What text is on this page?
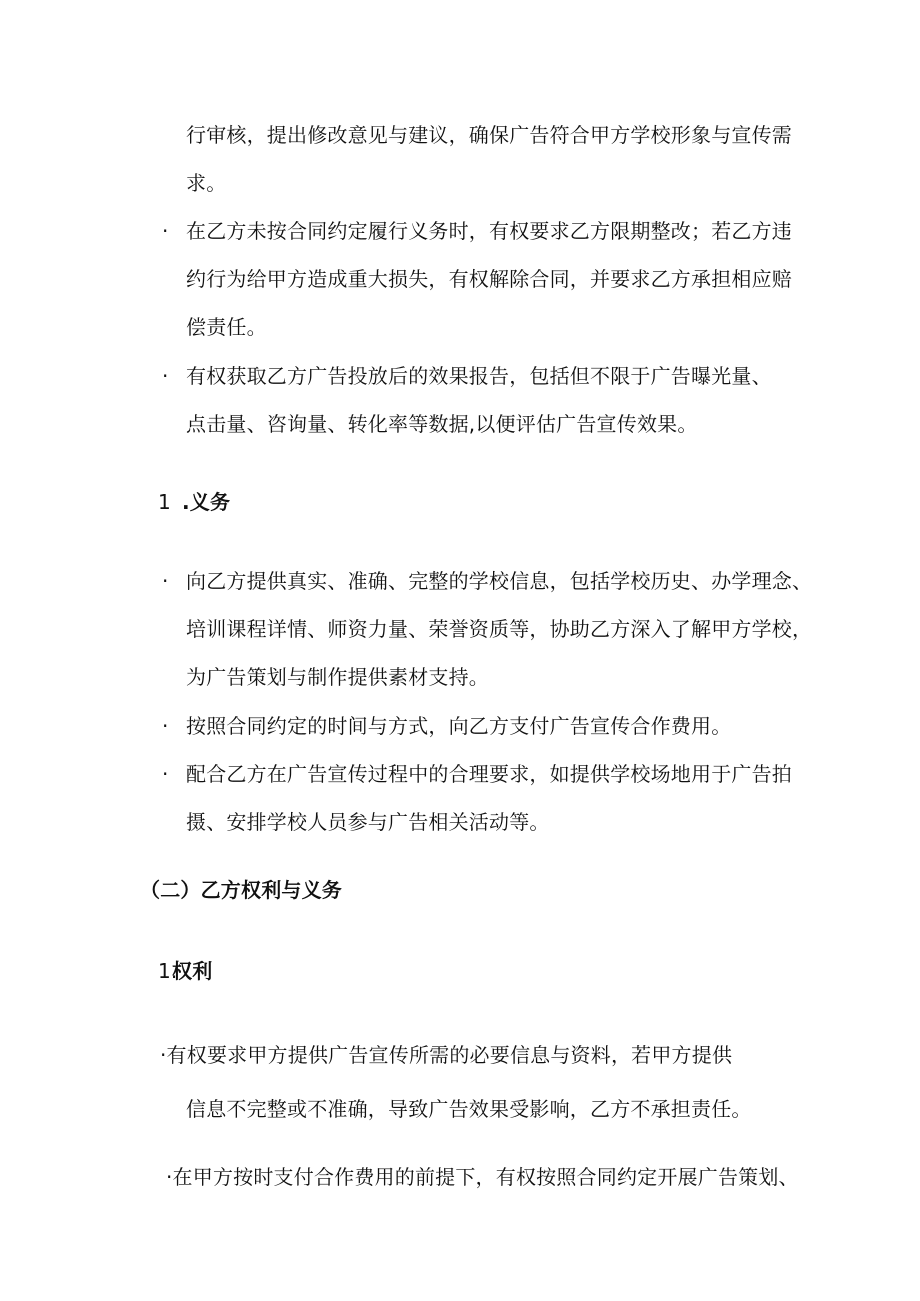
行审核，提出修改意见与建议，确保广告符合甲方学校形象与宣传需
求。
· 在乙方未按合同约定履行义务时，有权要求乙方限期整改；若乙方违
约行为给甲方造成重大损失，有权解除合同，并要求乙方承担相应赔
偿责任。
· 有权获取乙方广告投放后的效果报告，包括但不限于广告曝光量、
点击量、咨询量、转化率等数据,以便评估广告宣传效果。
1 .义务
· 向乙方提供真实、准确、完整的学校信息，包括学校历史、办学理念、
培训课程详情、师资力量、荣誉资质等，协助乙方深入了解甲方学校，
为广告策划与制作提供素材支持。
· 按照合同约定的时间与方式，向乙方支付广告宣传合作费用。
· 配合乙方在广告宣传过程中的合理要求，如提供学校场地用于广告拍
摄、安排学校人员参与广告相关活动等。
（二）乙方权利与义务
1.
权利
·有权要求甲方提供广告宣传所需的必要信息与资料，若甲方提供
信息不完整或不准确，导致广告效果受影响，乙方不承担责任。
·在甲方按时支付合作费用的前提下，有权按照合同约定开展广告策划、
